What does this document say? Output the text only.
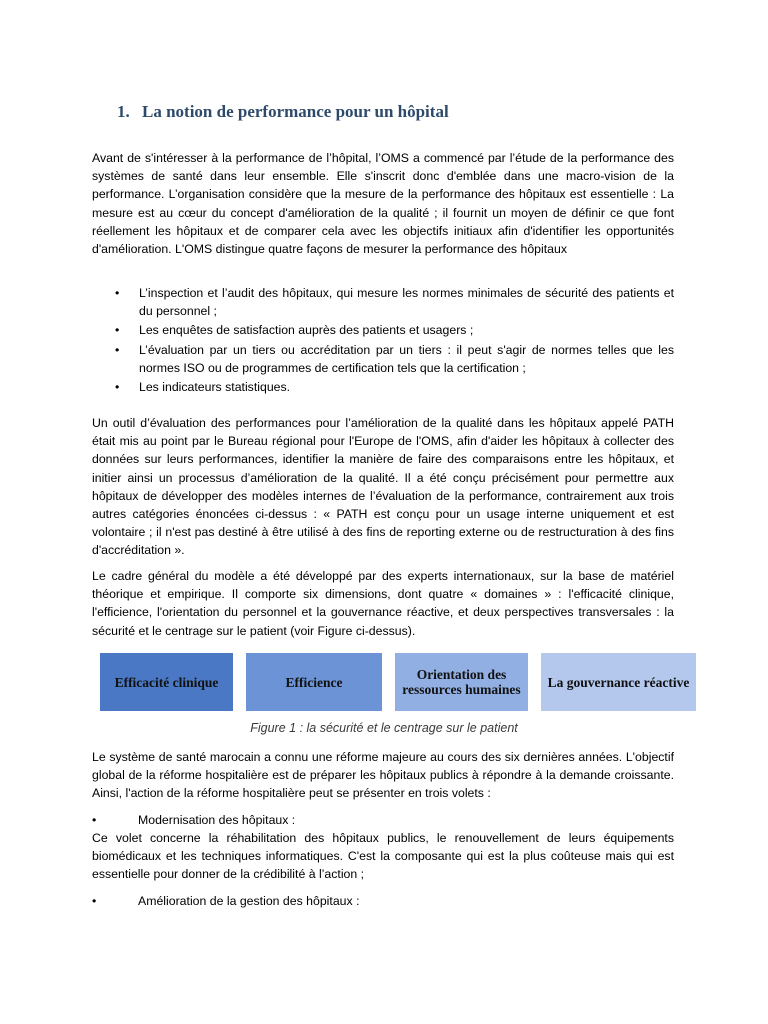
1. La notion de performance pour un hôpital

Avant de s'intéresser à la performance de l’hôpital, l’OMS a commencé par l’étude de la performance des systèmes de santé dans leur ensemble. Elle s'inscrit donc d'emblée dans une macro-vision de la performance. L’organisation considère que la mesure de la performance des hôpitaux est essentielle : La mesure est au cœur du concept d'amélioration de la qualité ; il fournit un moyen de définir ce que font réellement les hôpitaux et de comparer cela avec les objectifs initiaux afin d'identifier les opportunités d'amélioration. L'OMS distingue quatre façons de mesurer la performance des hôpitaux

• L’inspection et l’audit des hôpitaux, qui mesure les normes minimales de sécurité des patients et du personnel ;
• Les enquêtes de satisfaction auprès des patients et usagers ;
• L’évaluation par un tiers ou accréditation par un tiers : il peut s'agir de normes telles que les normes ISO ou de programmes de certification tels que la certification ;
• Les indicateurs statistiques.

Un outil d’évaluation des performances pour l’amélioration de la qualité dans les hôpitaux appelé PATH était mis au point par le Bureau régional pour l'Europe de l'OMS, afin d'aider les hôpitaux à collecter des données sur leurs performances, identifier la manière de faire des comparaisons entre les hôpitaux, et initier ainsi un processus d’amélioration de la qualité. Il a été conçu précisément pour permettre aux hôpitaux de développer des modèles internes de l’évaluation de la performance, contrairement aux trois autres catégories énoncées ci-dessus : « PATH est conçu pour un usage interne uniquement et est volontaire ; il n'est pas destiné à être utilisé à des fins de reporting externe ou de restructuration à des fins d'accréditation ».

Le cadre général du modèle a été développé par des experts internationaux, sur la base de matériel théorique et empirique. Il comporte six dimensions, dont quatre « domaines » : l'efficacité clinique, l'efficience, l'orientation du personnel et la gouvernance réactive, et deux perspectives transversales : la sécurité et le centrage sur le patient (voir Figure ci-dessus).

Efficacité clinique	Efficience	Orientation des ressources humaines La gouvernance réactive
Figure 1 : la sécurité et le centrage sur le patient

Le système de santé marocain a connu une réforme majeure au cours des six dernières années. L'objectif global de la réforme hospitalière est de préparer les hôpitaux publics à répondre à la demande croissante. Ainsi, l'action de la réforme hospitalière peut se présenter en trois volets :

•	Modernisation des hôpitaux :

Ce volet concerne la réhabilitation des hôpitaux publics, le renouvellement de leurs équipements biomédicaux et les techniques informatiques. C'est la composante qui est la plus coûteuse mais qui est essentielle pour donner de la crédibilité à l’action ;

•	Amélioration de la gestion des hôpitaux :
